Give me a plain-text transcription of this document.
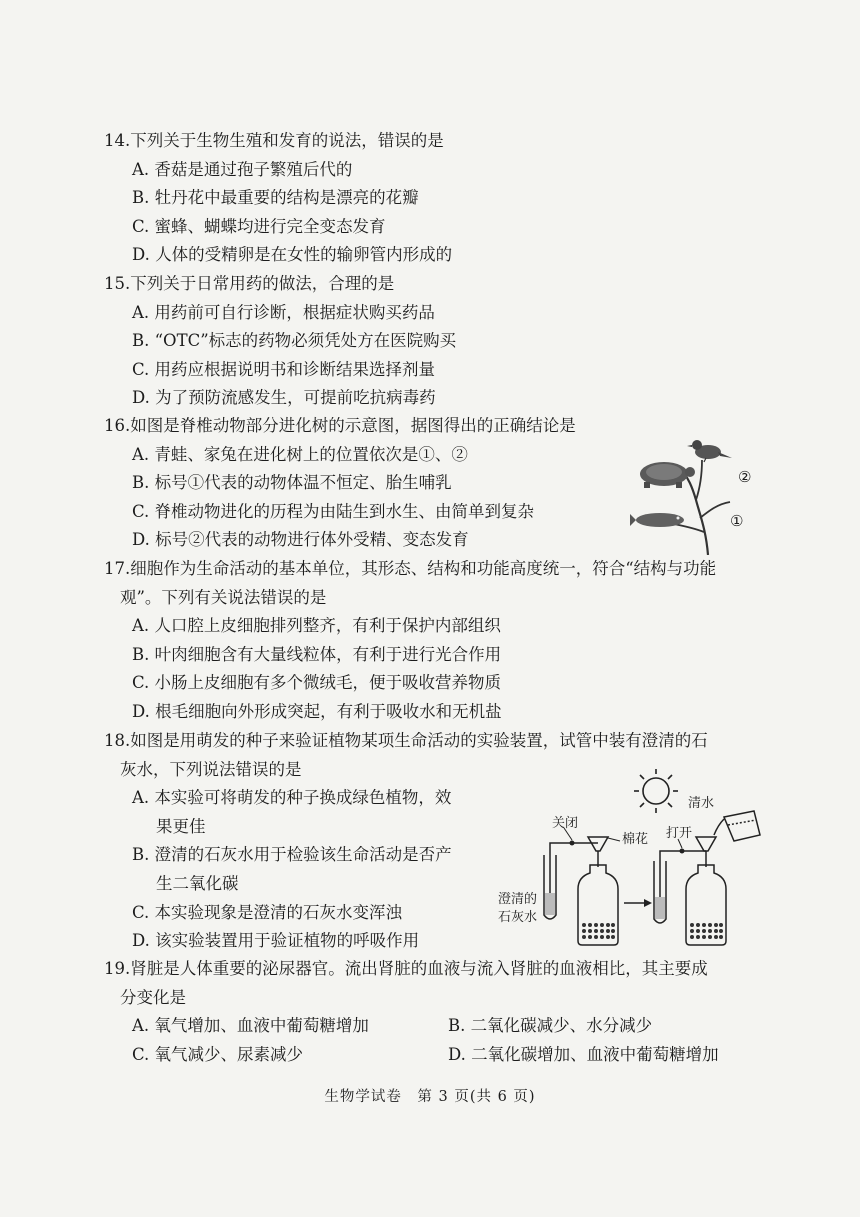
14.下列关于生物生殖和发育的说法，错误的是

A. 香菇是通过孢子繁殖后代的

B. 牡丹花中最重要的结构是漂亮的花瓣

C. 蜜蜂、蝴蝶均进行完全变态发育

D. 人体的受精卵是在女性的输卵管内形成的

15.下列关于日常用药的做法，合理的是

A. 用药前可自行诊断，根据症状购买药品

B. “OTC”标志的药物必须凭处方在医院购买

C. 用药应根据说明书和诊断结果选择剂量

D. 为了预防流感发生，可提前吃抗病毒药

16.如图是脊椎动物部分进化树的示意图，据图得出的正确结论是

A. 青蛙、家兔在进化树上的位置依次是①、②

B. 标号①代表的动物体温不恒定、胎生哺乳

C. 脊椎动物进化的历程为由陆生到水生、由简单到复杂

D. 标号②代表的动物进行体外受精、变态发育

②
①

17.细胞作为生命活动的基本单位，其形态、结构和功能高度统一，符合“结构与功能

观”。下列有关说法错误的是

A. 人口腔上皮细胞排列整齐，有利于保护内部组织

B. 叶肉细胞含有大量线粒体，有利于进行光合作用

C. 小肠上皮细胞有多个微绒毛，便于吸收营养物质

D. 根毛细胞向外形成突起，有利于吸收水和无机盐

18.如图是用萌发的种子来验证植物某项生命活动的实验装置，试管中装有澄清的石

灰水，下列说法错误的是

A. 本实验可将萌发的种子换成绿色植物，效

果更佳

B. 澄清的石灰水用于检验该生命活动是否产

生二氧化碳

C. 本实验现象是澄清的石灰水变浑浊

D. 该实验装置用于验证植物的呼吸作用

关闭
棉花
清水
打开
澄清的
石灰水

19.肾脏是人体重要的泌尿器官。流出肾脏的血液与流入肾脏的血液相比，其主要成

分变化是

A. 氧气增加、血液中葡萄糖增加	B. 二氧化碳减少、水分减少

C. 氧气减少、尿素减少	D. 二氧化碳增加、血液中葡萄糖增加

生物学试卷　第 3 页(共 6 页)
